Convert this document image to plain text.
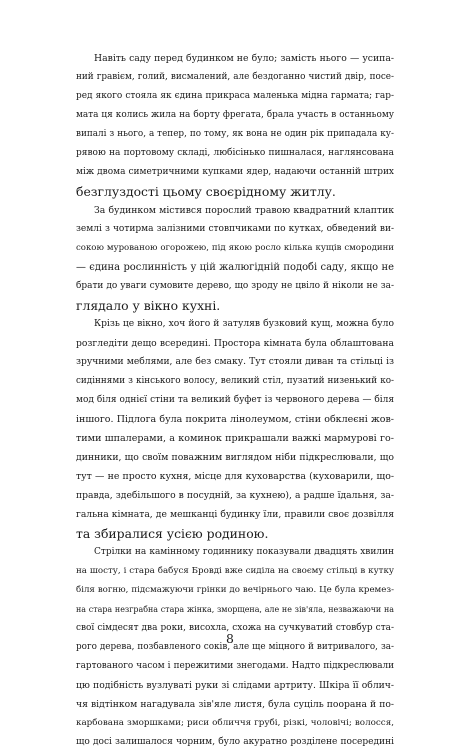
Навіть саду перед будинком не було; замість нього — усипа-
ний гравієм, голий, висмалений, але бездоганно чистий двір, посе-
ред якого стояла як єдина прикраса маленька мідна гармата; гар-
мата ця колись жила на борту фрегата, брала участь в останньому
випалі з нього, а тепер, по тому, як вона не один рік припадала ку-
рявою на портовому складі, любісінько пишналася, наглянсована
між двома симетричними купками ядер, надаючи останній штрих
безглуздості цьому своєрідному житлу.
За будинком містився порослий травою квадратний клаптик
землі з чотирма залізними стовпчиками по кутках, обведений ви-
сокою мурованою огорожею, під якою росло кілька кущів смородини
— єдина рослинність у цій жалюгідній подобі саду, якщо не
брати до уваги сумовите дерево, що зроду не цвіло й ніколи не за-
глядало у вікно кухні.
Крізь це вікно, хоч його й затуляв бузковий кущ, можна було
розгледіти дещо всередині. Простора кімната була облаштована
зручними меблями, але без смаку. Тут стояли диван та стільці із
сидіннями з кінського волосу, великий стіл, пузатий низенький ко-
мод біля однієї стіни та великий буфет із червоного дерева — біля
іншого. Підлога була покрита лінолеумом, стіни обклеєні жов-
тими шпалерами, а коминок прикрашали важкі мармурові го-
динники, що своїм поважним виглядом ніби підкреслювали, що
тут — не просто кухня, місце для куховарства (куховарили, що-
правда, здебільшого в посудній, за кухнею), а радше їдальня, за-
гальна кімната, де мешканці будинку їли, правили своє дозвілля
та збиралися усією родиною.
Стрілки на камінному годиннику показували двадцять хвилин
на шосту, і стара бабуся Бровді вже сиділа на своєму стільці в кутку
біля вогню, підсмажуючи грінки до вечірнього чаю. Це була кремез-
на стара незграбна стара жінка, зморщена, але не зів'яла, незважаючи на
свої сімдесят два роки, висохла, схожа на сучкуватий стовбур ста-
рого дерева, позбавленого соків, але ще міцного й витривалого, за-
гартованого часом і пережитими знегодами. Надто підкреслювали
цю подібність вузлуваті руки зі слідами артриту. Шкіра її облич-
чя відтінком нагадувала зів'яле листя, була суціль поорана й по-
карбована зморшками; риси обличчя грубі, різкі, чоловічі; волосся,
що досі залишалося чорним, було акуратно розділене посередині
8
